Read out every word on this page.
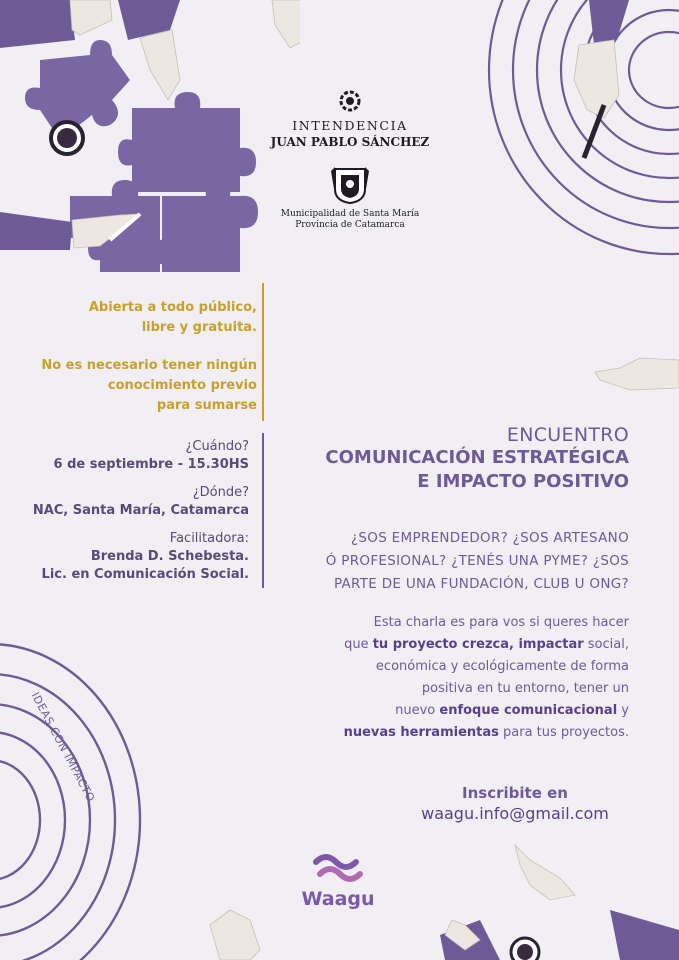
INTENDENCIA
JUAN PABLO SÁNCHEZ
Municipalidad de Santa María
Provincia de Catamarca

Abierta a todo público,
libre y gratuita.

No es necesario tener ningún
conocimiento previo
para sumarse

¿Cuándo?
6 de septiembre - 15.30HS
¿Dónde?
NAC, Santa María, Catamarca
Facilitadora:
Brenda D. Schebesta.
Lic. en Comunicación Social.
ENCUENTRO
COMUNICACIÓN ESTRATÉGICA
E IMPACTO POSITIVO
¿SOS EMPRENDEDOR? ¿SOS ARTESANO
Ó PROFESIONAL? ¿TENÉS UNA PYME? ¿SOS
PARTE DE UNA FUNDACIÓN, CLUB U ONG?
Esta charla es para vos si queres hacer
que tu proyecto crezca, impactar social,
económica y ecológicamente de forma
positiva en tu entorno, tener un
nuevo enfoque comunicacional y
nuevas herramientas para tus proyectos.
Inscribite en
waagu.info@gmail.com
IDEAS CON IMPACTO
Waagu
